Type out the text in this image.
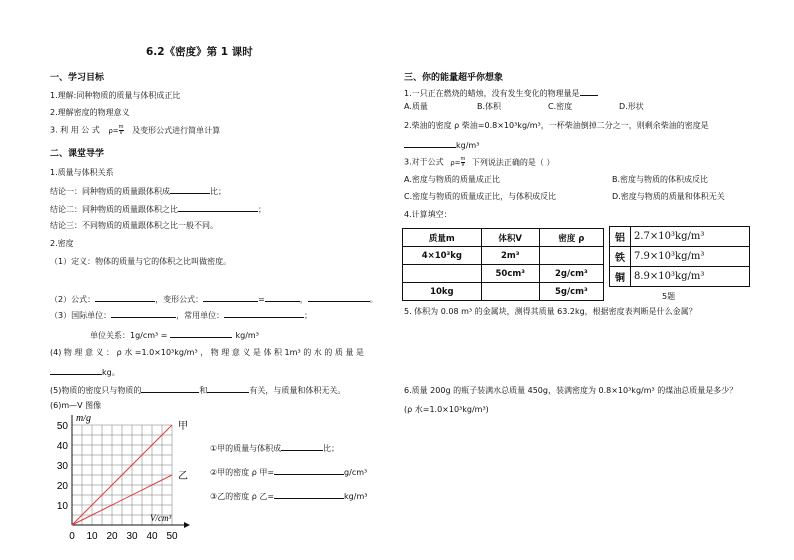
6.2《密度》第 1 课时
一、学习目标
1.理解:同种物质的质量与体积成正比
2.理解密度的物理意义
3. 利 用 公 式 $\rho= \frac{m}{V}$ 及变形公式进行简单计算
二、课堂导学
1.质量与体积关系
结论一：同种物质的质量跟体积成	比；
结论二：同种物质的质量跟体积之比	；
结论三：不同物质的质量跟体积之比一般不同。
2.密度
（1）定义：物体的质量与它的体积之比叫做密度。
（2）公式：	，变形公式：	=	，	。
（3）国际单位：	，常用单位：	；
单位关系：1g/cm³ =	kg/m³
(4) 物 理 意 义 ： ρ 水 =1.0×10³kg/m³ ， 物 理 意 义 是 体 积 1m³ 的 水 的 质 量 是
kg。
(5)物质的密度只与物质的	和	有关，与质量和体积无关。
(6)m—V 图像
0 10 20 30 40 50
50
40
30
20
10
m/g
V/cm³
甲
乙
①甲的质量与体积成	比；
②甲的密度 ρ 甲=	g/cm³
③乙的密度 ρ 乙=	kg/m³
三、你的能量超乎你想象
1.一只正在燃烧的蜡烛，没有发生变化的物理量是
A.质量	B.体积	C.密度	D.形状
2.柴油的密度 ρ 柴油=0.8×10³kg/m³，一杯柴油倒掉二分之一，则剩余柴油的密度是
kg/m³
3.对于公式 $\rho= \frac{m}{V}$ 下列说法正确的是（ ）
A.密度与物质的质量成正比	B.密度与物质的体积成反比
C.密度与物质的质量成正比，与体积成反比	D.密度与物质的质量和体积无关
4.计算填空：
质量m	体积V	密度 ρ
4×10³kg	2m³	
	50cm³	2g/cm³
10kg		5g/cm³
铝	2.7×10³kg/m³
铁	7.9×10³kg/m³
铜	8.9×10³kg/m³
5题
5. 体积为 0.08 m³ 的金属块，测得其质量 63.2kg，根据密度表判断是什么金属？
6.质量 200g 的瓶子装满水总质量 450g，装满密度为 0.8×10³kg/m³ 的煤油总质量是多少？
(ρ 水=1.0×10³kg/m³)
